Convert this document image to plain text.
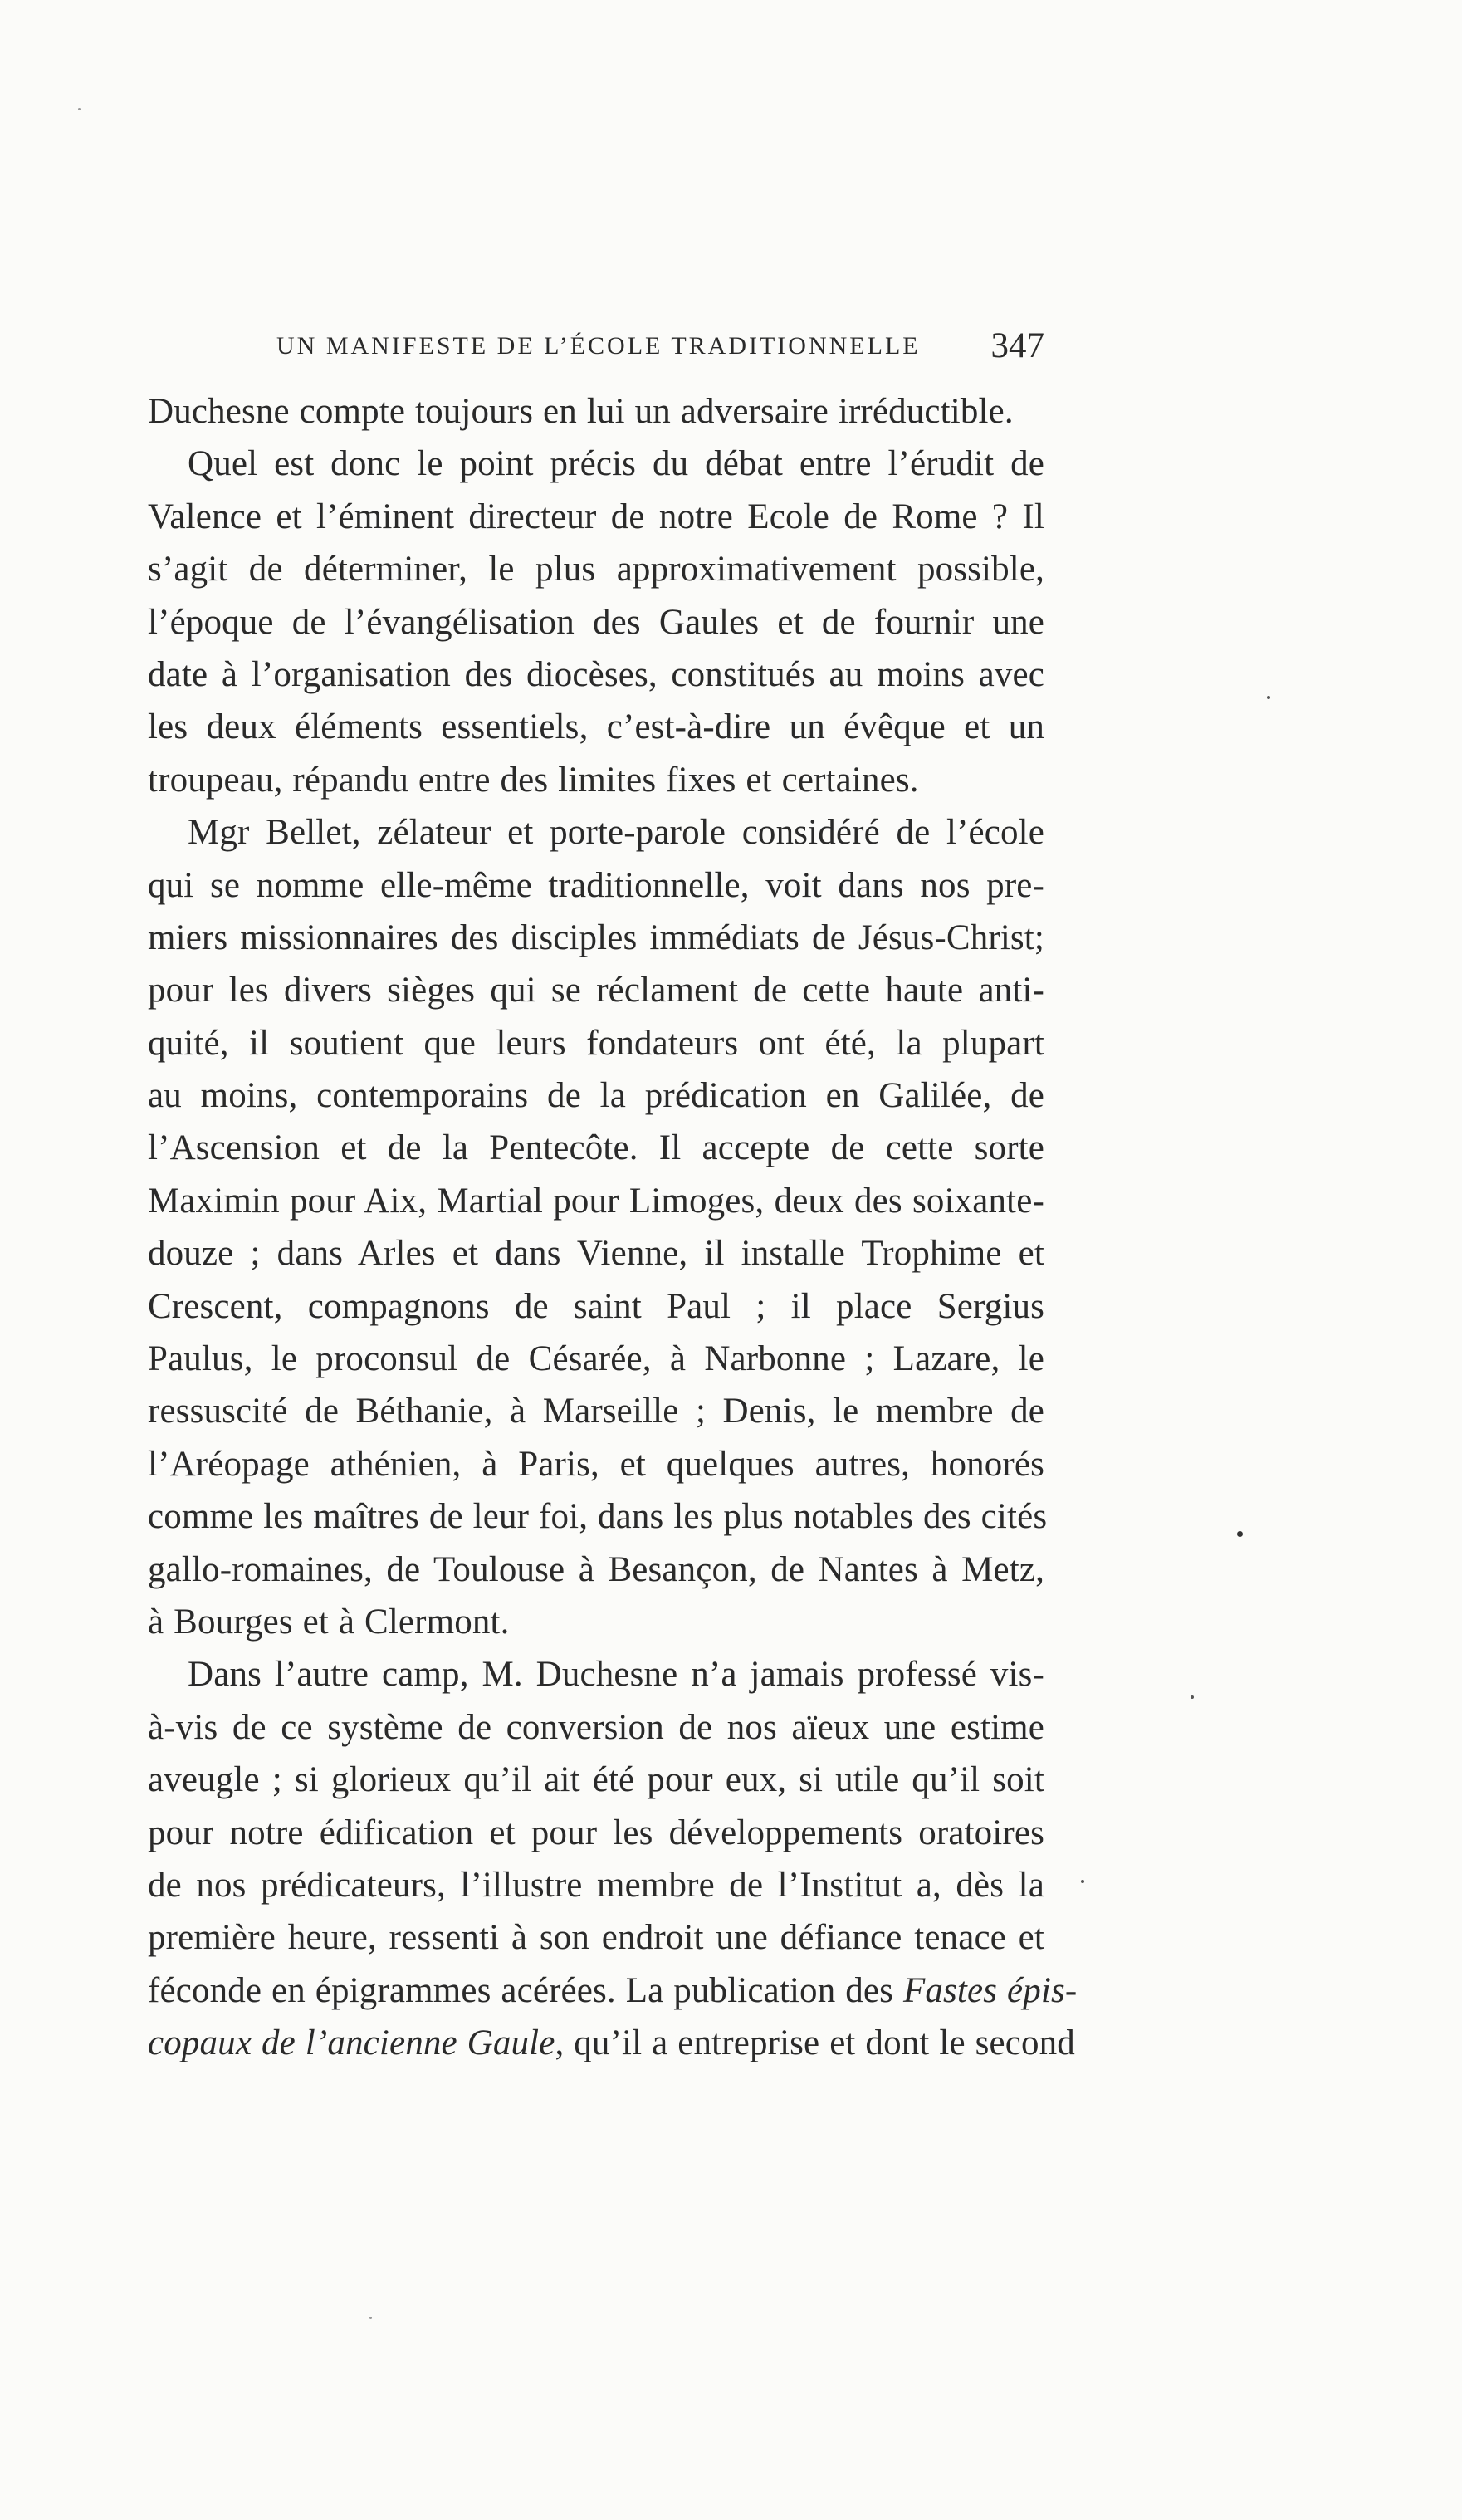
UN MANIFESTE DE L’ÉCOLE TRADITIONNELLE 347
Duchesne compte toujours en lui un adversaire irréductible.
Quel est donc le point précis du débat entre l’érudit de
Valence et l’éminent directeur de notre Ecole de Rome ? Il
s’agit de déterminer, le plus approximativement possible,
l’époque de l’évangélisation des Gaules et de fournir une
date à l’organisation des diocèses, constitués au moins avec
les deux éléments essentiels, c’est-à-dire un évêque et un
troupeau, répandu entre des limites fixes et certaines.
Mgr Bellet, zélateur et porte-parole considéré de l’école
qui se nomme elle-même traditionnelle, voit dans nos pre-
miers missionnaires des disciples immédiats de Jésus-Christ;
pour les divers sièges qui se réclament de cette haute anti-
quité, il soutient que leurs fondateurs ont été, la plupart
au moins, contemporains de la prédication en Galilée, de
l’Ascension et de la Pentecôte. Il accepte de cette sorte
Maximin pour Aix, Martial pour Limoges, deux des soixante-
douze ; dans Arles et dans Vienne, il installe Trophime et
Crescent, compagnons de saint Paul ; il place Sergius
Paulus, le proconsul de Césarée, à Narbonne ; Lazare, le
ressuscité de Béthanie, à Marseille ; Denis, le membre de
l’Aréopage athénien, à Paris, et quelques autres, honorés
comme les maîtres de leur foi, dans les plus notables des cités
gallo-romaines, de Toulouse à Besançon, de Nantes à Metz,
à Bourges et à Clermont.
Dans l’autre camp, M. Duchesne n’a jamais professé vis-
à-vis de ce système de conversion de nos aïeux une estime
aveugle ; si glorieux qu’il ait été pour eux, si utile qu’il soit
pour notre édification et pour les développements oratoires
de nos prédicateurs, l’illustre membre de l’Institut a, dès la
première heure, ressenti à son endroit une défiance tenace et
féconde en épigrammes acérées. La publication des Fastes épis-
copaux de l’ancienne Gaule, qu’il a entreprise et dont le second
